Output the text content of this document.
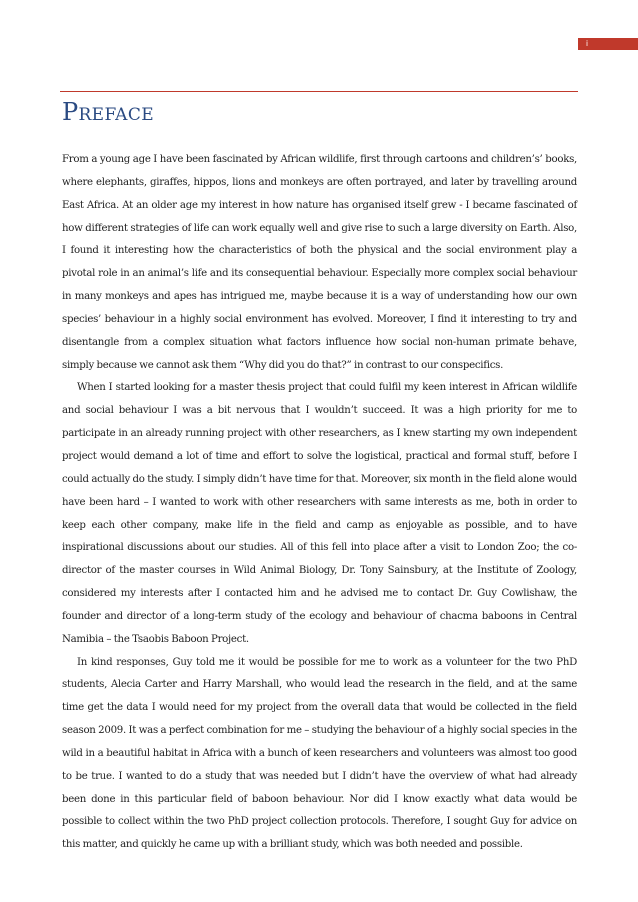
i
PREFACE

From a young age I have been fascinated by African wildlife, first through cartoons and children’s’ books, where elephants, giraffes, hippos, lions and monkeys are often portrayed, and later by travelling around East Africa. At an older age my interest in how nature has organised itself grew - I became fascinated of how different strategies of life can work equally well and give rise to such a large diversity on Earth. Also, I found it interesting how the characteristics of both the physical and the social environment play a pivotal role in an animal’s life and its consequential behaviour. Especially more complex social behaviour in many monkeys and apes has intrigued me, maybe because it is a way of understanding how our own species’ behaviour in a highly social environment has evolved. Moreover, I find it interesting to try and disentangle from a complex situation what factors influence how social non-human primate behave, simply because we cannot ask them “Why did you do that?” in contrast to our conspecifics.

When I started looking for a master thesis project that could fulfil my keen interest in African wildlife and social behaviour I was a bit nervous that I wouldn’t succeed. It was a high priority for me to participate in an already running project with other researchers, as I knew starting my own independent project would demand a lot of time and effort to solve the logistical, practical and formal stuff, before I could actually do the study. I simply didn’t have time for that. Moreover, six month in the field alone would have been hard – I wanted to work with other researchers with same interests as me, both in order to keep each other company, make life in the field and camp as enjoyable as possible, and to have inspirational discussions about our studies. All of this fell into place after a visit to London Zoo; the co-director of the master courses in Wild Animal Biology, Dr. Tony Sainsbury, at the Institute of Zoology, considered my interests after I contacted him and he advised me to contact Dr. Guy Cowlishaw, the founder and director of a long-term study of the ecology and behaviour of chacma baboons in Central Namibia – the Tsaobis Baboon Project.

In kind responses, Guy told me it would be possible for me to work as a volunteer for the two PhD students, Alecia Carter and Harry Marshall, who would lead the research in the field, and at the same time get the data I would need for my project from the overall data that would be collected in the field season 2009. It was a perfect combination for me – studying the behaviour of a highly social species in the wild in a beautiful habitat in Africa with a bunch of keen researchers and volunteers was almost too good to be true. I wanted to do a study that was needed but I didn’t have the overview of what had already been done in this particular field of baboon behaviour. Nor did I know exactly what data would be possible to collect within the two PhD project collection protocols. Therefore, I sought Guy for advice on this matter, and quickly he came up with a brilliant study, which was both needed and possible.
